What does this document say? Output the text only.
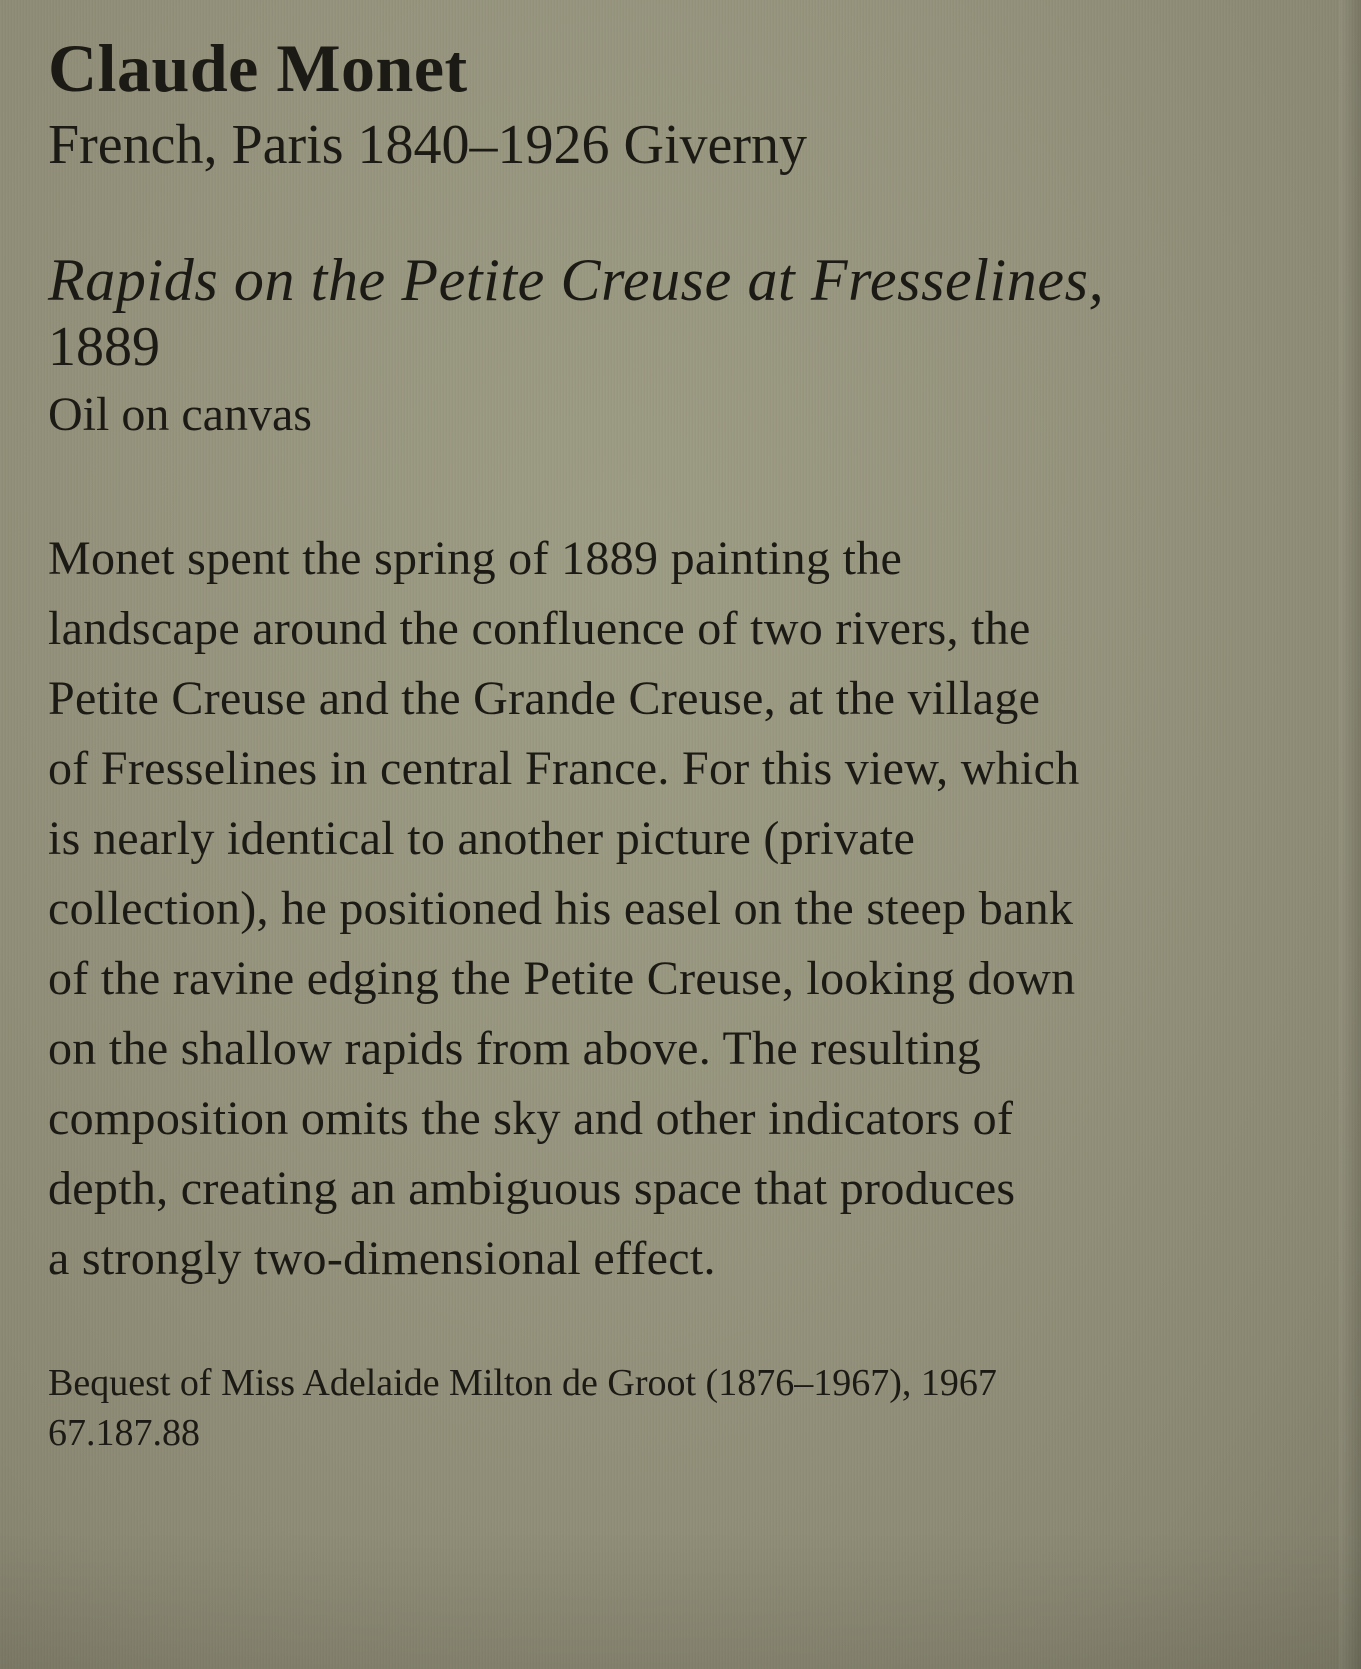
Claude Monet
French, Paris 1840–1926 Giverny
Rapids on the Petite Creuse at Fresselines,
1889
Oil on canvas
Monet spent the spring of 1889 painting the
landscape around the confluence of two rivers, the
Petite Creuse and the Grande Creuse, at the village
of Fresselines in central France. For this view, which
is nearly identical to another picture (private
collection), he positioned his easel on the steep bank
of the ravine edging the Petite Creuse, looking down
on the shallow rapids from above. The resulting
composition omits the sky and other indicators of
depth, creating an ambiguous space that produces
a strongly two-dimensional effect.
Bequest of Miss Adelaide Milton de Groot (1876–1967), 1967
67.187.88
